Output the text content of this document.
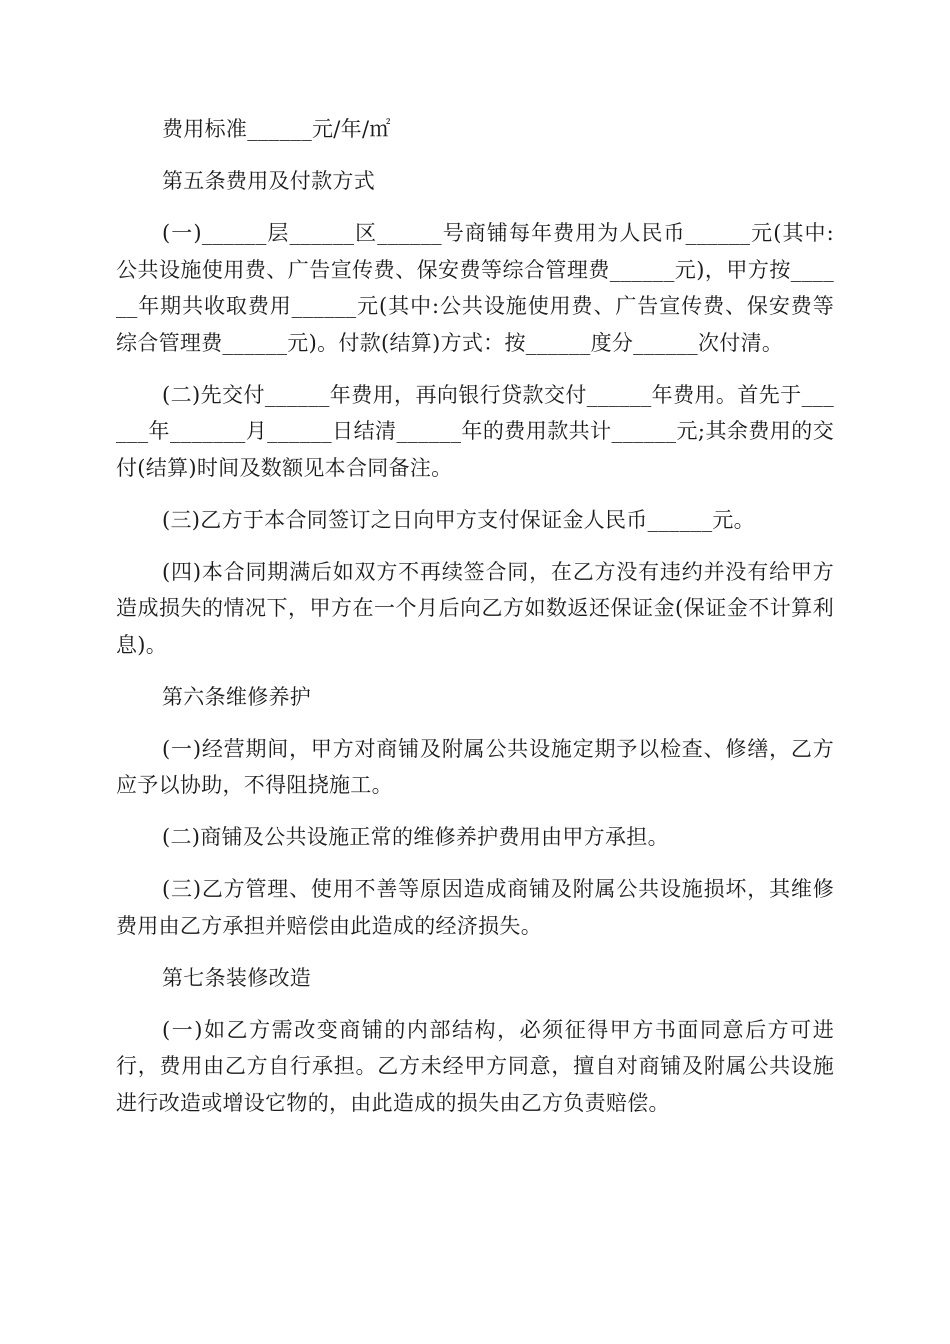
费用标准______元/年/㎡

第五条费用及付款方式

(一)______层______区______号商铺每年费用为人民币______元(其中:公共设施使用费、广告宣传费、保安费等综合管理费______元)，甲方按______年期共收取费用______元(其中:公共设施使用费、广告宣传费、保安费等综合管理费______元)。付款(结算)方式：按______度分______次付清。

(二)先交付______年费用，再向银行贷款交付______年费用。首先于______年_______月______日结清______年的费用款共计______元;其余费用的交付(结算)时间及数额见本合同备注。

(三)乙方于本合同签订之日向甲方支付保证金人民币______元。

(四)本合同期满后如双方不再续签合同，在乙方没有违约并没有给甲方造成损失的情况下，甲方在一个月后向乙方如数返还保证金(保证金不计算利息)。

第六条维修养护

(一)经营期间，甲方对商铺及附属公共设施定期予以检查、修缮，乙方应予以协助，不得阻挠施工。

(二)商铺及公共设施正常的维修养护费用由甲方承担。

(三)乙方管理、使用不善等原因造成商铺及附属公共设施损坏，其维修费用由乙方承担并赔偿由此造成的经济损失。

第七条装修改造

(一)如乙方需改变商铺的内部结构，必须征得甲方书面同意后方可进行，费用由乙方自行承担。乙方未经甲方同意，擅自对商铺及附属公共设施进行改造或增设它物的，由此造成的损失由乙方负责赔偿。
